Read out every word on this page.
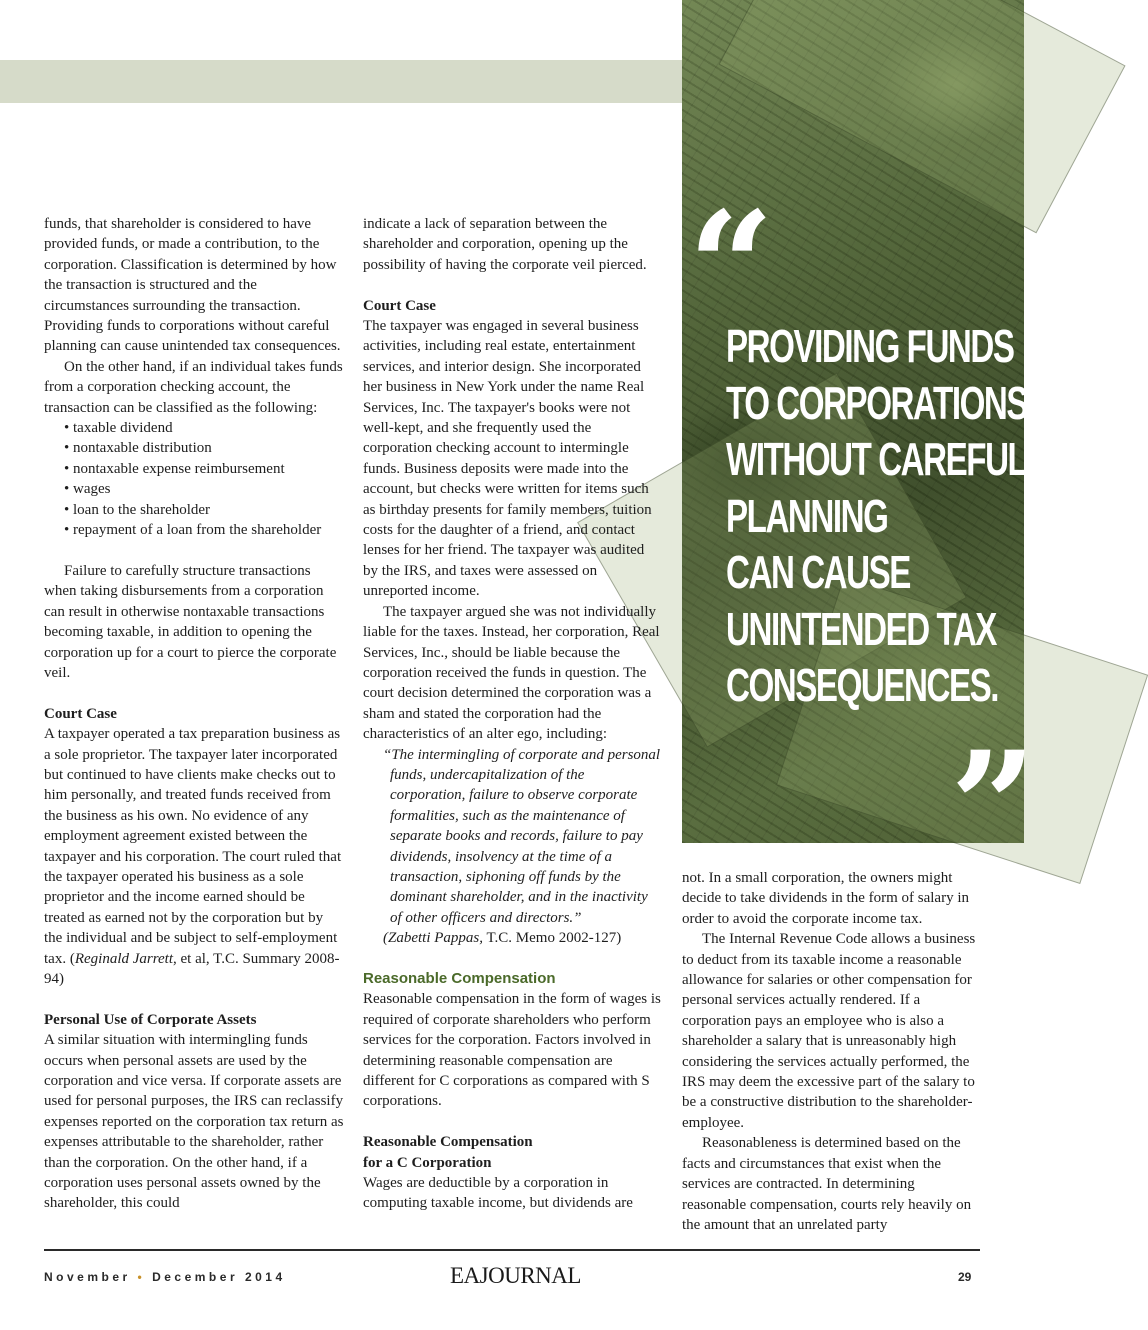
“
PROVIDING FUNDS
TO CORPORATIONS
WITHOUT CAREFUL
PLANNING
CAN CAUSE
UNINTENDED TAX
CONSEQUENCES.
”

funds, that shareholder is considered to have provided funds, or made a contribution, to the corporation. Classification is determined by how the transaction is structured and the circumstances surrounding the transaction. Providing funds to corporations without careful planning can cause unintended tax consequences.

On the other hand, if an individual takes funds from a corporation checking account, the transaction can be classified as the following:

• taxable dividend
• nontaxable distribution
• nontaxable expense reimbursement
• wages
• loan to the shareholder
• repayment of a loan from the shareholder

Failure to carefully structure transactions when taking disbursements from a corporation can result in otherwise nontaxable transactions becoming taxable, in addition to opening the corporation up for a court to pierce the corporate veil.

Court Case

A taxpayer operated a tax preparation business as a sole proprietor. The taxpayer later incorporated but continued to have clients make checks out to him personally, and treated funds received from the business as his own. No evidence of any employment agreement existed between the taxpayer and his corporation. The court ruled that the taxpayer operated his business as a sole proprietor and the income earned should be treated as earned not by the corporation but by the individual and be subject to self-employment tax. (Reginald Jarrett, et al, T.C. Summary 2008-94)

Personal Use of Corporate Assets

A similar situation with intermingling funds occurs when personal assets are used by the corporation and vice versa. If corporate assets are used for personal purposes, the IRS can reclassify expenses reported on the corporation tax return as expenses attributable to the shareholder, rather than the corporation. On the other hand, if a corporation uses personal assets owned by the shareholder, this could

indicate a lack of separation between the shareholder and corporation, opening up the possibility of having the corporate veil pierced.

Court Case

The taxpayer was engaged in several business activities, including real estate, entertainment services, and interior design. She incorporated her business in New York under the name Real Services, Inc. The taxpayer's books were not well-kept, and she frequently used the corporation checking account to intermingle funds. Business deposits were made into the account, but checks were written for items such as birthday presents for family members, tuition costs for the daughter of a friend, and contact lenses for her friend. The taxpayer was audited by the IRS, and taxes were assessed on unreported income.

The taxpayer argued she was not individually liable for the taxes. Instead, her corporation, Real Services, Inc., should be liable because the corporation received the funds in question. The court decision determined the corporation was a sham and stated the corporation had the characteristics of an alter ego, including:

“The intermingling of corporate and personal funds, undercapitalization of the corporation, failure to observe corporate formalities, such as the maintenance of separate books and records, failure to pay dividends, insolvency at the time of a transaction, siphoning off funds by the dominant shareholder, and in the inactivity of other officers and directors.”

(Zabetti Pappas, T.C. Memo 2002-127)

Reasonable Compensation

Reasonable compensation in the form of wages is required of corporate shareholders who perform services for the corporation. Factors involved in determining reasonable compensation are different for C corporations as compared with S corporations.

Reasonable Compensation

for a C Corporation

Wages are deductible by a corporation in computing taxable income, but dividends are

not. In a small corporation, the owners might decide to take dividends in the form of salary in order to avoid the corporate income tax.

The Internal Revenue Code allows a business to deduct from its taxable income a reasonable allowance for salaries or other compensation for personal services actually rendered. If a corporation pays an employee who is also a shareholder a salary that is unreasonably high considering the services actually performed, the IRS may deem the excessive part of the salary to be a constructive distribution to the shareholder-employee.

Reasonableness is determined based on the facts and circumstances that exist when the services are contracted. In determining reasonable compensation, courts rely heavily on the amount that an unrelated party

November • December 2014	EAJOURNAL	29
